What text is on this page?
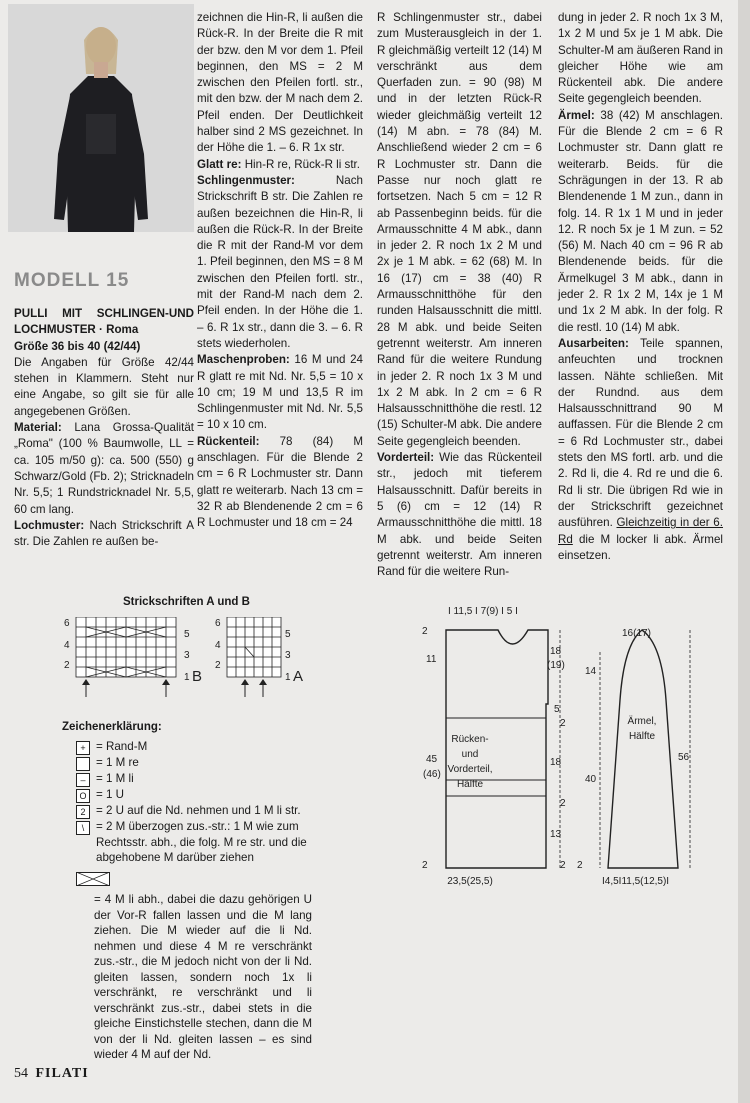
MODELL 15

PULLI MIT SCHLINGEN-UND LOCHMUSTER · Roma

Größe 36 bis 40 (42/44)

Die Angaben für Größe 42/44 stehen in Klammern. Steht nur eine Angabe, so gilt sie für alle angegebenen Größen.

Material: Lana Grossa-Qualität „Roma" (100 % Baumwolle, LL = ca. 105 m/50 g): ca. 500 (550) g Schwarz/Gold (Fb. 2); Stricknadeln Nr. 5,5; 1 Rundstricknadel Nr. 5,5, 60 cm lang.

Lochmuster: Nach Strickschrift A str. Die Zahlen re außen be-

zeichnen die Hin-R, li außen die Rück-R. In der Breite die R mit der bzw. den M vor dem 1. Pfeil beginnen, den MS = 2 M zwischen den Pfeilen fortl. str., mit den bzw. der M nach dem 2. Pfeil enden. Der Deutlichkeit halber sind 2 MS gezeichnet. In der Höhe die 1. – 6. R 1x str.

Glatt re: Hin-R re, Rück-R li str.

Schlingenmuster:	Nach Strickschrift B str. Die Zahlen re außen bezeichnen die Hin-R, li außen die Rück-R. In der Breite die R mit der Rand-M vor dem 1. Pfeil beginnen, den MS = 8 M zwischen den Pfeilen fortl. str., mit der Rand-M nach dem 2. Pfeil enden. In der Höhe die 1. – 6. R 1x str., dann die 3. – 6. R stets wiederholen.

Maschenproben: 16 M und 24 R glatt re mit Nd. Nr. 5,5 = 10 x 10 cm; 19 M und 13,5 R im Schlingenmuster mit Nd. Nr. 5,5 = 10 x 10 cm.

Rückenteil: 78 (84) M anschlagen. Für die Blende 2 cm = 6 R Lochmuster str. Dann glatt re weiterarb. Nach 13 cm = 32 R ab Blendenende 2 cm = 6 R Lochmuster und 18 cm = 24

R Schlingenmuster str., dabei zum Musterausgleich in der 1. R gleichmäßig verteilt 12 (14) M verschränkt aus dem Querfaden zun. = 90 (98) M und in der letzten Rück-R wieder gleichmäßig verteilt 12 (14) M abn. = 78 (84) M. Anschließend wieder 2 cm = 6 R Lochmuster str. Dann die Passe nur noch glatt re fortsetzen. Nach 5 cm = 12 R ab Passenbeginn beids. für die Armausschnitte 4 M abk., dann in jeder 2. R noch 1x 2 M und 2x je 1 M abk. = 62 (68) M. In 16 (17) cm = 38 (40) R Armausschnitthöhe für den runden Halsausschnitt die mittl. 28 M abk. und beide Seiten getrennt weiterstr. Am inneren Rand für die weitere Rundung in jeder 2. R noch 1x 3 M und 1x 2 M abk. In 2 cm = 6 R Halsausschnitthöhe die restl. 12 (15) Schulter-M abk. Die andere Seite gegengleich beenden.

Vorderteil: Wie das Rückenteil str., jedoch mit tieferem Halsausschnitt. Dafür bereits in 5 (6) cm = 12 (14) R Armausschnitthöhe die mittl. 18 M abk. und beide Seiten getrennt weiterstr. Am inneren Rand für die weitere Run-

dung in jeder 2. R noch 1x 3 M, 1x 2 M und 5x je 1 M abk. Die Schulter-M am äußeren Rand in gleicher Höhe wie am Rückenteil abk. Die andere Seite gegengleich beenden.

Ärmel: 38 (42) M anschlagen. Für die Blende 2 cm = 6 R Lochmuster str. Dann glatt re weiterarb. Beids. für die Schrägungen in der 13. R ab Blendenende 1 M zun., dann in folg. 14. R 1x 1 M und in jeder 12. R noch 5x je 1 M zun. = 52 (56) M. Nach 40 cm = 96 R ab Blendenende beids. für die Ärmelkugel 3 M abk., dann in jeder 2. R 1x 2 M, 14x je 1 M und 1x 2 M abk. In der folg. R die restl. 10 (14) M abk.

Ausarbeiten: Teile spannen, anfeuchten und trocknen lassen. Nähte schließen. Mit der Rundnd. aus dem Halsausschnittrand 90 M auffassen. Für die Blende 2 cm = 6 Rd Lochmuster str., dabei stets den MS fortl. arb. und die 2. Rd li, die 4. Rd re und die 6. Rd li str. Die übrigen Rd wie in der Strickschrift gezeichnet ausführen. Gleichzeitig in der 6. Rd die M locker li abk. Ärmel einsetzen.

Strickschriften A und B
6
4
2
5
3
1 B
6
4
2
5
3
1 A
Zeichenerklärung:
+ = Rand-M
= 1 M re
– = 1 M li
O = 1 U
2 = 2 U auf die Nd. nehmen und 1 M li str.
\	= 2 M überzogen zus.-str.: 1 M wie zum Rechtsstr. abh., die folg. M re str. und die abgehobene M darüber ziehen
= 4 M li abh., dabei die dazu gehörigen U der Vor-R fallen lassen und die M lang ziehen. Die M wieder auf die li Nd. nehmen und diese 4 M re verschränkt zus.-str., die M jedoch nicht von der li Nd. gleiten lassen, sondern noch 1x li verschränkt, re verschränkt und li verschränkt zus.-str., dabei stets in die gleiche Einstichstelle stechen, dann die M von der li Nd. gleiten lassen – es sind wieder 4 M auf der Nd.
I 11,5 I 7(9) I 5 I
2
11
45
(46)
2
18
(19)
5
2
18
2
13
2
Rücken-
und
Vorderteil,
Hälfte
23,5(25,5)
16(17)
14
40
56
2
Ärmel,
Hälfte
I4,5I11,5(12,5)I
54 FILATI
